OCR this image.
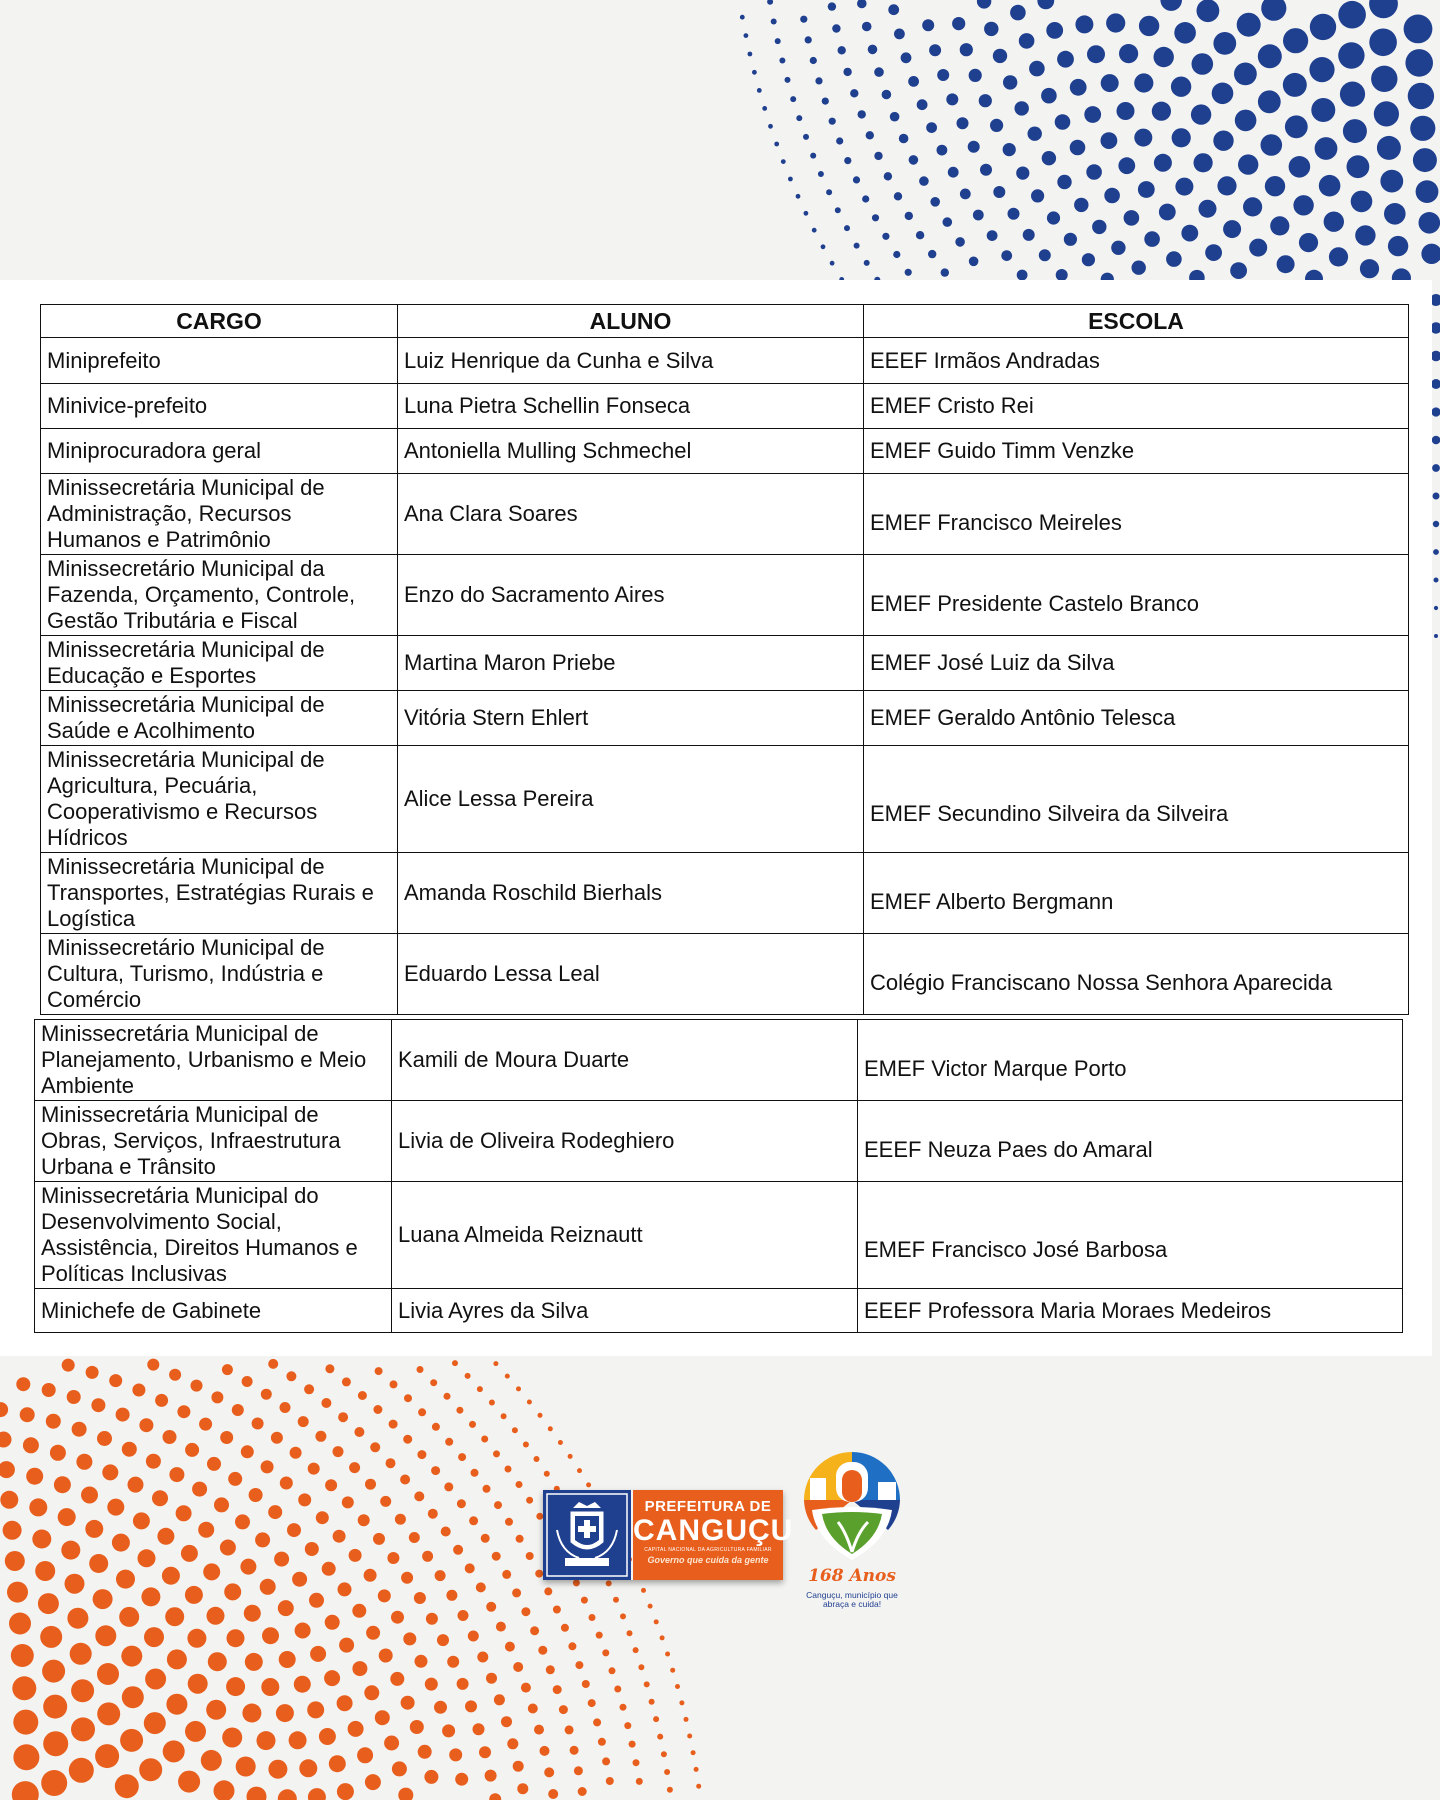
CARGO	ALUNO	ESCOLA
Miniprefeito	Luiz Henrique da Cunha e Silva	EEEF Irmãos Andradas
Minivice-prefeito	Luna Pietra Schellin Fonseca	EMEF Cristo Rei
Miniprocuradora geral	Antoniella Mulling Schmechel	EMEF Guido Timm Venzke
Minissecretária Municipal de Administração, Recursos Humanos e Patrimônio	Ana Clara Soares	EMEF Francisco Meireles
Minissecretário Municipal da Fazenda, Orçamento, Controle, Gestão Tributária e Fiscal	Enzo do Sacramento Aires	EMEF Presidente Castelo Branco
Minissecretária Municipal de Educação e Esportes	Martina Maron Priebe	EMEF José Luiz da Silva
Minissecretária Municipal de Saúde e Acolhimento	Vitória Stern Ehlert	EMEF Geraldo Antônio Telesca
Minissecretária Municipal de Agricultura, Pecuária, Cooperativismo e Recursos Hídricos	Alice Lessa Pereira	EMEF Secundino Silveira da Silveira
Minissecretária Municipal de Transportes, Estratégias Rurais e Logística	Amanda Roschild Bierhals	EMEF Alberto Bergmann
Minissecretário Municipal de Cultura, Turismo, Indústria e Comércio	Eduardo Lessa Leal	Colégio Franciscano Nossa Senhora Aparecida
Minissecretária Municipal de Planejamento, Urbanismo e Meio Ambiente	Kamili de Moura Duarte	EMEF Victor Marque Porto
Minissecretária Municipal de Obras, Serviços, Infraestrutura Urbana e Trânsito	Livia de Oliveira Rodeghiero	EEEF Neuza Paes do Amaral
Minissecretária Municipal do Desenvolvimento Social, Assistência, Direitos Humanos e Políticas Inclusivas	Luana Almeida Reiznautt	EMEF Francisco José Barbosa
Minichefe de Gabinete	Livia Ayres da Silva	EEEF Professora Maria Moraes Medeiros
PREFEITURA DE
CANGUÇU
CAPITAL NACIONAL DA AGRICULTURA FAMILIAR
Governo que cuida da gente
168 Anos
Canguçu, município que abraça e cuida!
